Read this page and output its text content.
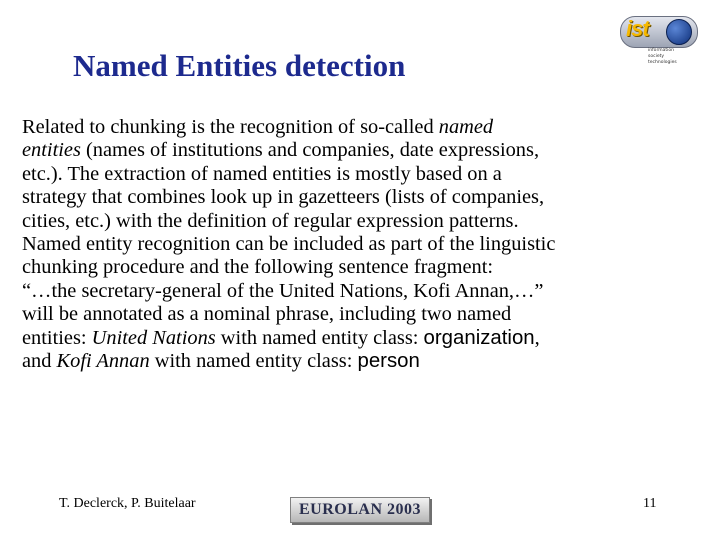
Named Entities detection
ist
information
society
technologies

Related to chunking is the recognition of so-called named

entities (names of institutions and companies, date expressions,

etc.). The extraction of named entities is mostly based on a

strategy that combines look up in gazetteers (lists of companies,

cities, etc.) with the definition of regular expression patterns.

Named entity recognition can be included as part of the linguistic

chunking procedure and the following sentence fragment:

“…the secretary-general of the United Nations, Kofi Annan,…”

will be annotated as a nominal phrase, including two named

entities: United Nations with named entity class: organization,

and Kofi Annan with named entity class: person

T. Declerck, P. Buitelaar	EUROLAN 2003	11
